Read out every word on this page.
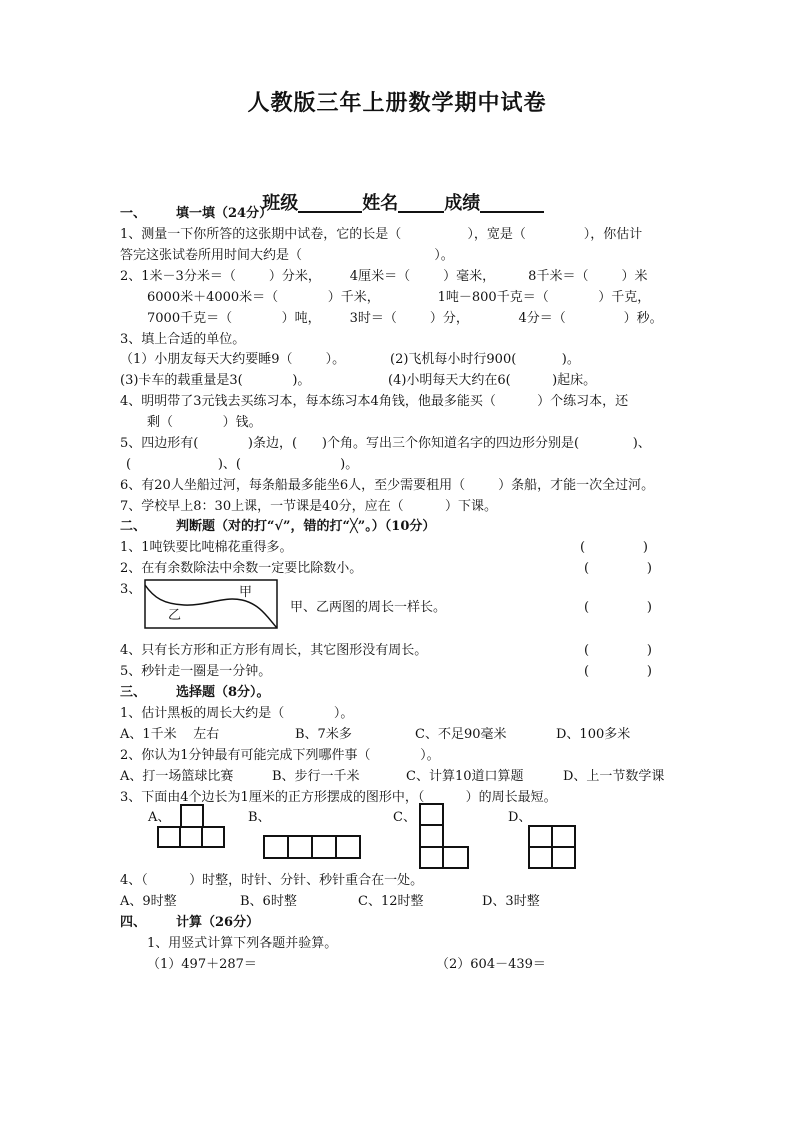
人教版三年上册数学期中试卷

班级	姓名	成绩

一、 填一填（24分）
1、测量一下你所答的这张期中试卷，它的长是（                ），宽是（              ），你估计
答完这张试卷所用时间大约是（                                ）。
2、1米－3分米＝（        ）分米，       4厘米＝（        ）毫米，        8千米＝（        ）米
6000米＋4000米＝（            ）千米，              1吨－800千克＝（            ）千克，
7000千克＝（            ）吨，       3时＝（        ）分，            4分＝（              ）秒。
3、填上合适的单位。
（1）小朋友每天大约要睡9（        ）。	(2)飞机每小时行900(           )。
(3)卡车的载重量是3(            )。	(4)小明每天大约在6(          )起床。
4、明明带了3元钱去买练习本，每本练习本4角钱，他最多能买（          ）个练习本，还
剩（            ）钱。
5、四边形有(            )条边，(      )个角。写出三个你知道名字的四边形分别是(             )、
(                     )、(                        )。
6、有20人坐船过河，每条船最多能坐6人，至少需要租用（        ）条船，才能一次全过河。
7、学校早上8：30上课，一节课是40分，应在（          ）下课。
二、 判断题（对的打“√”，错的打“╳”。）（10分）
1、1吨铁要比吨棉花重得多。	(              )
2、在有余数除法中余数一定要比除数小。	(              )
3、	甲
乙
甲、乙两图的周长一样长。	(              )
4、只有长方形和正方形有周长，其它图形没有周长。	(              )
5、秒针走一圈是一分钟。	(              )
三、 选择题（8分）。
1、估计黑板的周长大约是（            ）。
A、1千米    左右	B、7米多	C、不足90毫米	D、100多米
2、你认为1分钟最有可能完成下列哪件事（            ）。
A、打一场篮球比赛	B、步行一千米	C、计算10道口算题	D、上一节数学课
3、下面由4个边长为1厘米的正方形摆成的图形中，（          ）的周长最短。
A、	B、	C、	D、
4、（          ）时整，时针、分针、秒针重合在一处。
A、9时整	B、6时整	C、12时整	D、3时整
四、 计算（26分）
1、用竖式计算下列各题并验算。
（1）497＋287＝	（2）604－439＝
